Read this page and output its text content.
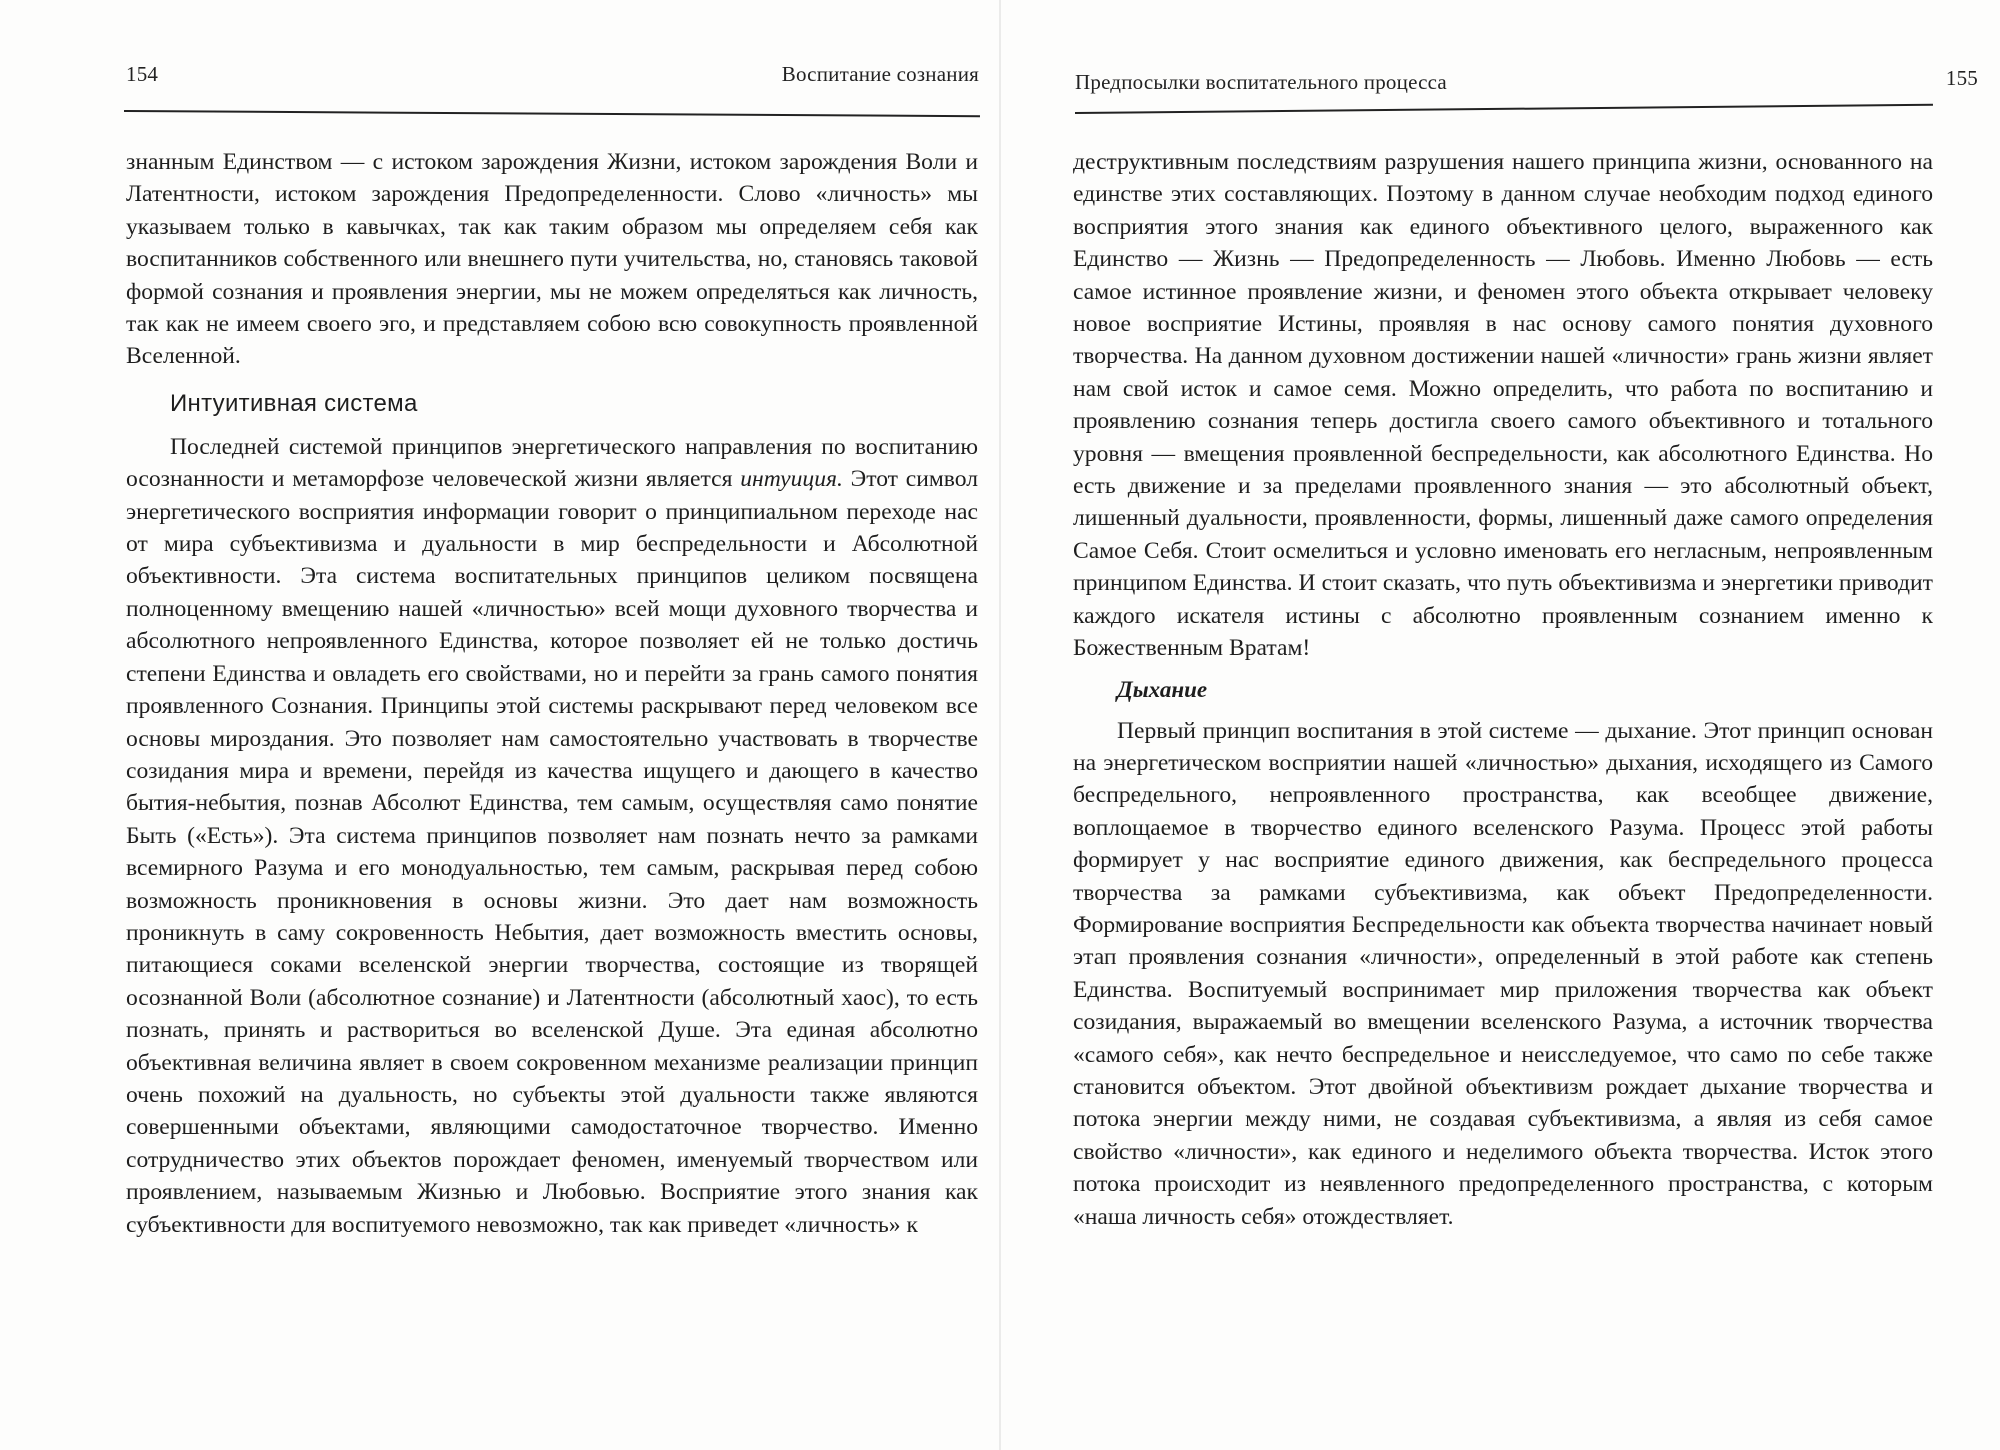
154	Воспитание сознания

знанным Единством — с истоком зарождения Жизни, истоком зарождения Воли и Латентности, истоком зарождения Предопределенности. Слово «личность» мы указываем только в кавычках, так как таким образом мы определяем себя как воспитанников собственного или внешнего пути учительства, но, становясь таковой формой сознания и проявления энергии, мы не можем определяться как личность, так как не имеем своего эго, и представляем собою всю совокупность проявленной Вселенной.

Интуитивная система

Последней системой принципов энергетического направления по воспитанию осознанности и метаморфозе человеческой жизни является интуиция. Этот символ энергетического восприятия информации говорит о принципиальном переходе нас от мира субъективизма и дуальности в мир беспредельности и Абсолютной объективности. Эта система воспитательных принципов целиком посвящена полноценному вмещению нашей «личностью» всей мощи духовного творчества и абсолютного непроявленного Единства, которое позволяет ей не только достичь степени Единства и овладеть его свойствами, но и перейти за грань самого понятия проявленного Сознания. Принципы этой системы раскрывают перед человеком все основы мироздания. Это позволяет нам самостоятельно участвовать в творчестве созидания мира и времени, перейдя из качества ищущего и дающего в качество бытия-небытия, познав Абсолют Единства, тем самым, осуществляя само понятие Быть («Есть»). Эта система принципов позволяет нам познать нечто за рамками всемирного Разума и его монодуальностью, тем самым, раскрывая перед собою возможность проникновения в основы жизни. Это дает нам возможность проникнуть в саму сокровенность Небытия, дает возможность вместить основы, питающиеся соками вселенской энергии творчества, состоящие из творящей осознанной Воли (абсолютное сознание) и Латентности (абсолютный хаос), то есть познать, принять и раствориться во вселенской Душе. Эта единая абсолютно объективная величина являет в своем сокровенном механизме реализации принцип очень похожий на дуальность, но субъекты этой дуальности также являются совершенными объектами, являющими самодостаточное творчество. Именно сотрудничество этих объектов порождает феномен, именуемый творчеством или проявлением, называемым Жизнью и Любовью. Восприятие этого знания как субъективности для воспитуемого невозможно, так как приведет «личность» к

Предпосылки воспитательного процесса	155

деструктивным последствиям разрушения нашего принципа жизни, основанного на единстве этих составляющих. Поэтому в данном случае необходим подход единого восприятия этого знания как единого объективного целого, выраженного как Единство — Жизнь — Предопределенность — Любовь. Именно Любовь — есть самое истинное проявление жизни, и феномен этого объекта открывает человеку новое восприятие Истины, проявляя в нас основу самого понятия духовного творчества. На данном духовном достижении нашей «личности» грань жизни являет нам свой исток и самое семя. Можно определить, что работа по воспитанию и проявлению сознания теперь достигла своего самого объективного и тотального уровня — вмещения проявленной беспредельности, как абсолютного Единства. Но есть движение и за пределами проявленного знания — это абсолютный объект, лишенный дуальности, проявленности, формы, лишенный даже самого определения Самое Себя. Стоит осмелиться и условно именовать его негласным, непроявленным принципом Единства. И стоит сказать, что путь объективизма и энергетики приводит каждого искателя истины с абсолютно проявленным сознанием именно к Божественным Вратам!

Дыхание

Первый принцип воспитания в этой системе — дыхание. Этот принцип основан на энергетическом восприятии нашей «личностью» дыхания, исходящего из Самого беспредельного, непроявленного пространства, как всеобщее движение, воплощаемое в творчество единого вселенского Разума. Процесс этой работы формирует у нас восприятие единого движения, как беспредельного процесса творчества за рамками субъективизма, как объект Предопределенности. Формирование восприятия Беспредельности как объекта творчества начинает новый этап проявления сознания «личности», определенный в этой работе как степень Единства. Воспитуемый воспринимает мир приложения творчества как объект созидания, выражаемый во вмещении вселенского Разума, а источник творчества «самого себя», как нечто беспредельное и неисследуемое, что само по себе также становится объектом. Этот двойной объективизм рождает дыхание творчества и потока энергии между ними, не создавая субъективизма, а являя из себя самое свойство «личности», как единого и неделимого объекта творчества. Исток этого потока происходит из неявленного предопределенного пространства, с которым «наша личность себя» отождествляет.
